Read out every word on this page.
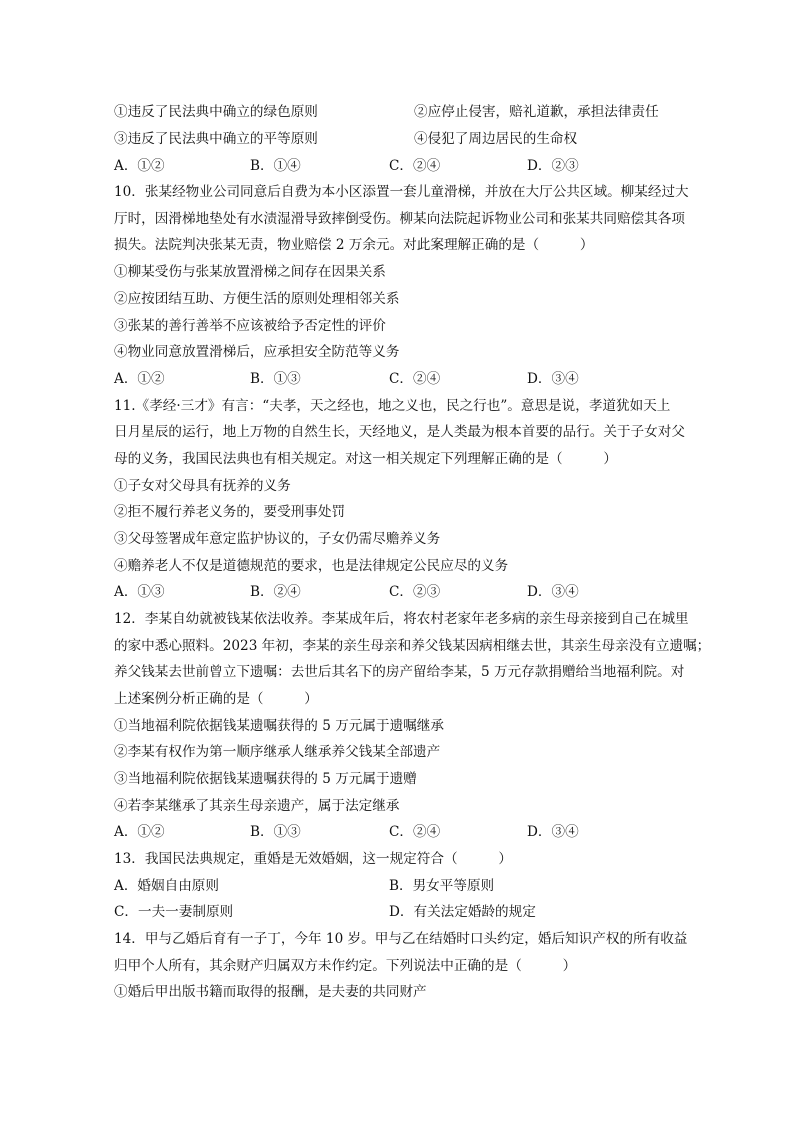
①违反了民法典中确立的绿色原则	②应停止侵害，赔礼道歉，承担法律责任
③违反了民法典中确立的平等原则	④侵犯了周边居民的生命权
A．①②	B．①④	C．②④	D．②③
10．张某经物业公司同意后自费为本小区添置一套儿童滑梯，并放在大厅公共区域。柳某经过大
厅时，因滑梯地垫处有水渍湿滑导致摔倒受伤。柳某向法院起诉物业公司和张某共同赔偿其各项
损失。法院判决张某无责，物业赔偿 2 万余元。对此案理解正确的是（　　　）
①柳某受伤与张某放置滑梯之间存在因果关系
②应按团结互助、方便生活的原则处理相邻关系
③张某的善行善举不应该被给予否定性的评价
④物业同意放置滑梯后，应承担安全防范等义务
A．①②	B．①③	C．②④	D．③④
11.《孝经·三才》有言：“夫孝，天之经也，地之义也，民之行也”。意思是说，孝道犹如天上
日月星辰的运行，地上万物的自然生长，天经地义，是人类最为根本首要的品行。关于子女对父
母的义务，我国民法典也有相关规定。对这一相关规定下列理解正确的是（　　　）
①子女对父母具有抚养的义务
②拒不履行养老义务的，要受刑事处罚
③父母签署成年意定监护协议的，子女仍需尽赡养义务
④赡养老人不仅是道德规范的要求，也是法律规定公民应尽的义务
A．①③	B．②④	C．②③	D．③④
12．李某自幼就被钱某依法收养。李某成年后，将农村老家年老多病的亲生母亲接到自己在城里
的家中悉心照料。2023 年初，李某的亲生母亲和养父钱某因病相继去世，其亲生母亲没有立遗嘱；
养父钱某去世前曾立下遗嘱：去世后其名下的房产留给李某，5 万元存款捐赠给当地福利院。对
上述案例分析正确的是（　　　）
①当地福利院依据钱某遗嘱获得的 5 万元属于遗嘱继承
②李某有权作为第一顺序继承人继承养父钱某全部遗产
③当地福利院依据钱某遗嘱获得的 5 万元属于遗赠
④若李某继承了其亲生母亲遗产，属于法定继承
A．①②	B．①③	C．②④	D．③④
13．我国民法典规定，重婚是无效婚姻，这一规定符合（　　　）
A．婚姻自由原则	B．男女平等原则
C．一夫一妻制原则	D．有关法定婚龄的规定
14．甲与乙婚后育有一子丁，今年 10 岁。甲与乙在结婚时口头约定，婚后知识产权的所有收益
归甲个人所有，其余财产归属双方未作约定。下列说法中正确的是（　　　）
①婚后甲出版书籍而取得的报酬，是夫妻的共同财产
